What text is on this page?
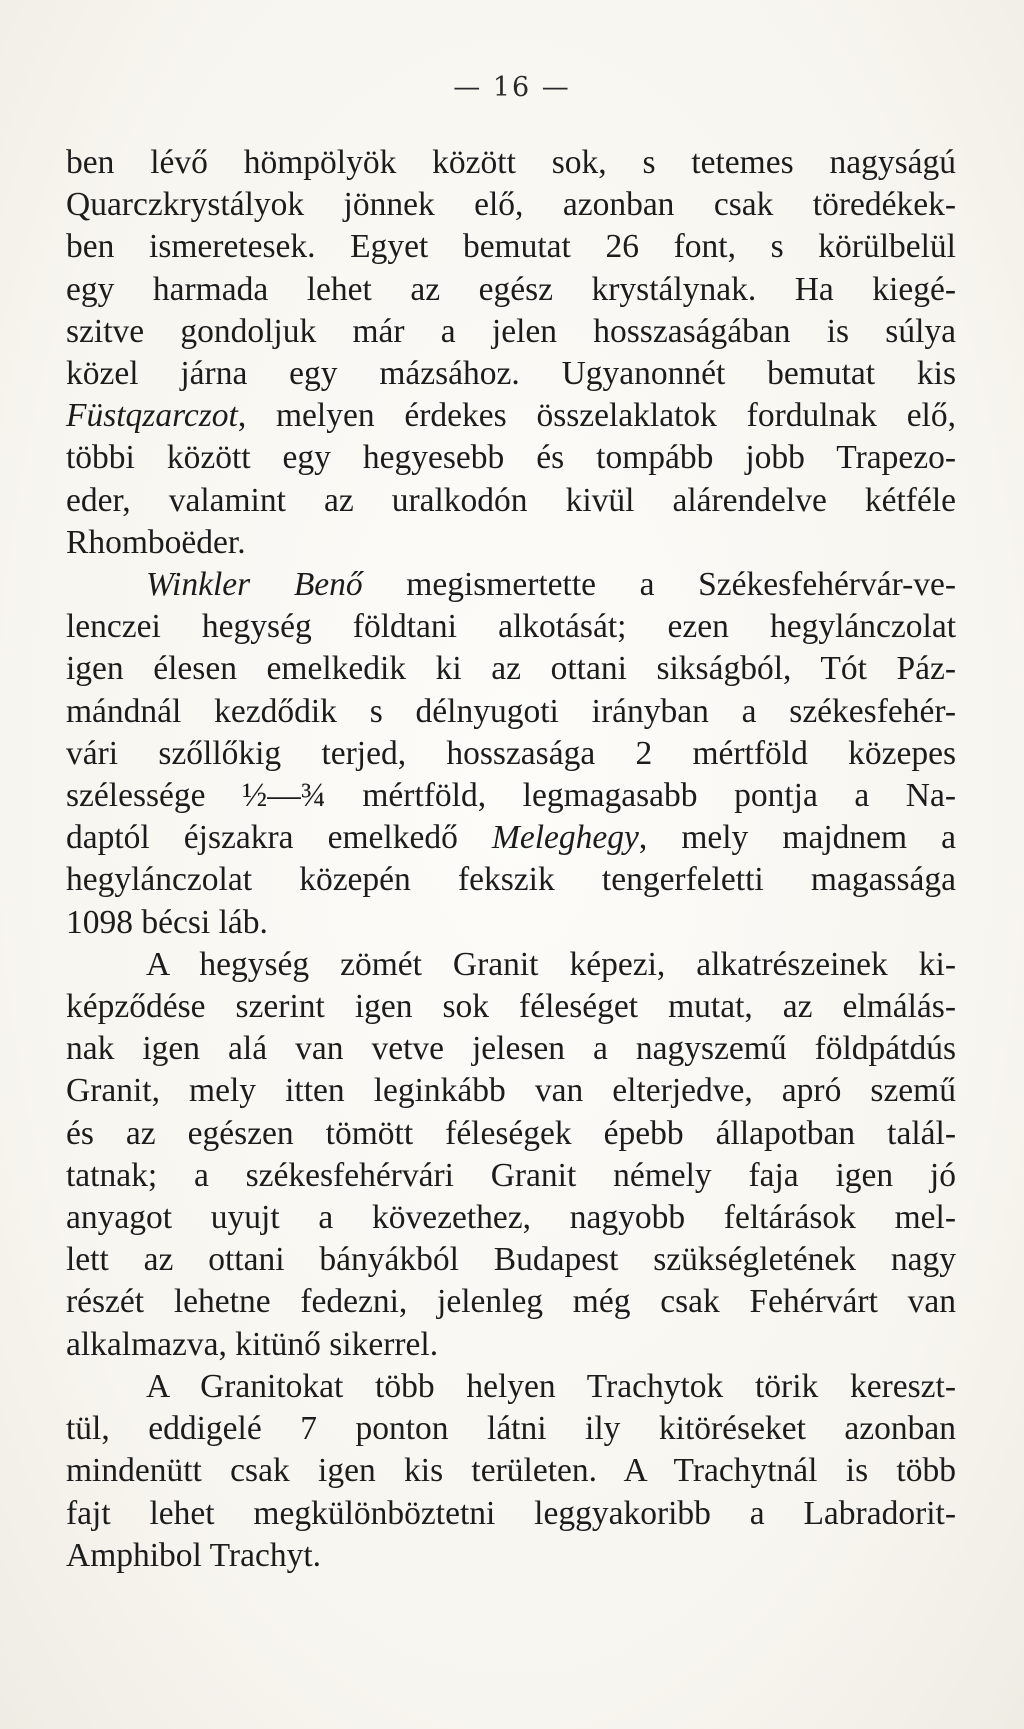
— 16 —
ben lévő hömpölyök között sok, s tetemes nagyságú
Quarczkrystályok jönnek elő, azonban csak töredékek-
ben ismeretesek. Egyet bemutat 26 font, s körülbelül
egy harmada lehet az egész krystálynak. Ha kiegé-
szitve gondoljuk már a jelen hosszaságában is súlya
közel járna egy mázsához. Ugyanonnét bemutat kis
Füstqzarczot, melyen érdekes összelaklatok fordulnak elő,
többi között egy hegyesebb és tompább jobb Trapezo-
eder, valamint az uralkodón kivül alárendelve kétféle
Rhomboëder.
Winkler Benő megismertette a Székesfehérvár-ve-
lenczei hegység földtani alkotását; ezen hegylánczolat
igen élesen emelkedik ki az ottani sikságból, Tót Páz-
mándnál kezdődik s délnyugoti irányban a székesfehér-
vári szőllőkig terjed, hosszasága 2 mértföld közepes
szélessége ½—¾ mértföld, legmagasabb pontja a Na-
daptól éjszakra emelkedő Meleghegy, mely majdnem a
hegylánczolat közepén fekszik tengerfeletti magassága
1098 bécsi láb.
A hegység zömét Granit képezi, alkatrészeinek ki-
képződése szerint igen sok féleséget mutat, az elmálás-
nak igen alá van vetve jelesen a nagyszemű földpátdús
Granit, mely itten leginkább van elterjedve, apró szemű
és az egészen tömött féleségek épebb állapotban talál-
tatnak; a székesfehérvári Granit némely faja igen jó
anyagot uyujt a kövezethez, nagyobb feltárások mel-
lett az ottani bányákból Budapest szükségletének nagy
részét lehetne fedezni, jelenleg még csak Fehérvárt van
alkalmazva, kitünő sikerrel.
A Granitokat több helyen Trachytok törik kereszt-
tül, eddigelé 7 ponton látni ily kitöréseket azonban
mindenütt csak igen kis területen. A Trachytnál is több
fajt lehet megkülönböztetni leggyakoribb a Labradorit-
Amphibol Trachyt.
